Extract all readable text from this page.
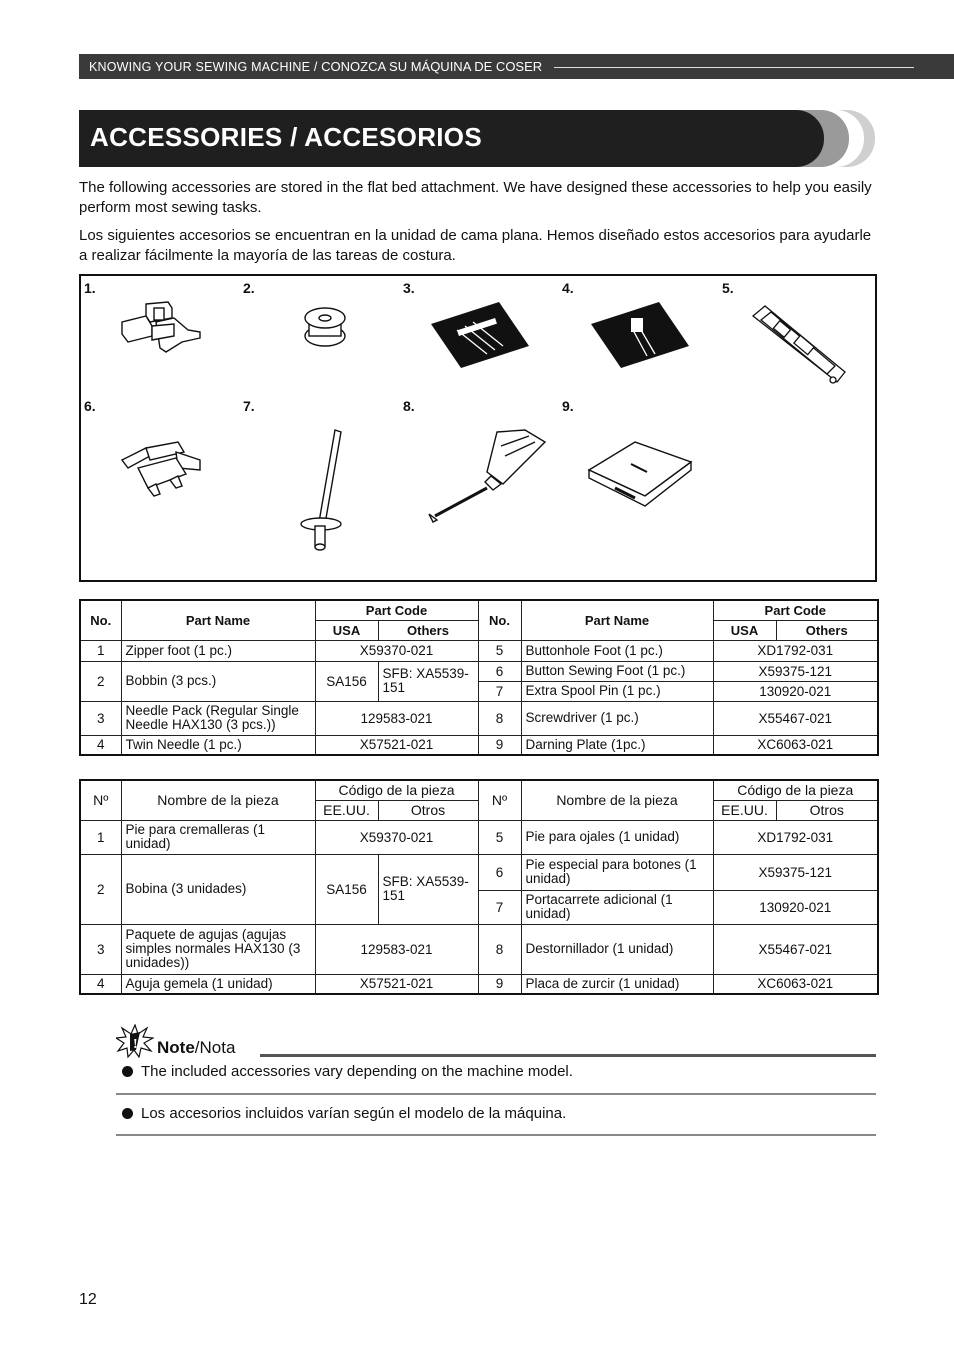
KNOWING YOUR SEWING MACHINE / CONOZCA SU MÁQUINA DE COSER
ACCESSORIES / ACCESORIOS
The following accessories are stored in the flat bed attachment. We have designed these accessories to help you easily perform most sewing tasks.
Los siguientes accesorios se encuentran en la unidad de cama plana. Hemos diseñado estos accesorios para ayudarle a realizar fácilmente la mayoría de las tareas de costura.
1.	2.	3.	4.	5.
6.	7.	8.	9.
No.	Part Name	Part Code		No.	Part Name	Part Code	
		USA	Others			USA	Others
1	Zipper foot (1 pc.)	X59370-021		5	Buttonhole Foot (1 pc.)	XD1792-031	
2	Bobbin (3 pcs.)	SA156	SFB: XA5539-151	6	Button Sewing Foot (1 pc.)	X59375-121	
				7	Extra Spool Pin (1 pc.)	130920-021	
3	Needle Pack (Regular Single Needle HAX130 (3 pcs.))	129583-021		8	Screwdriver (1 pc.)	X55467-021	
4	Twin Needle (1 pc.)	X57521-021		9	Darning Plate (1pc.)	XC6063-021	
Nº	Nombre de la pieza	Código de la pieza		Nº	Nombre de la pieza	Código de la pieza	
		EE.UU.	Otros			EE.UU.	Otros
1	Pie para cremalleras (1 unidad)	X59370-021		5	Pie para ojales (1 unidad)	XD1792-031	
2	Bobina (3 unidades)	SA156	SFB: XA5539-151	6	Pie especial para botones (1 unidad)	X59375-121	
				7	Portacarrete adicional (1 unidad)	130920-021	
3	Paquete de agujas (agujas simples normales HAX130 (3 unidades))	129583-021		8	Destornillador (1 unidad)	X55467-021	
4	Aguja gemela (1 unidad)	X57521-021		9	Placa de zurcir (1 unidad)	XC6063-021	
! Note/Nota
The included accessories vary depending on the machine model.
Los accesorios incluidos varían según el modelo de la máquina.
12
